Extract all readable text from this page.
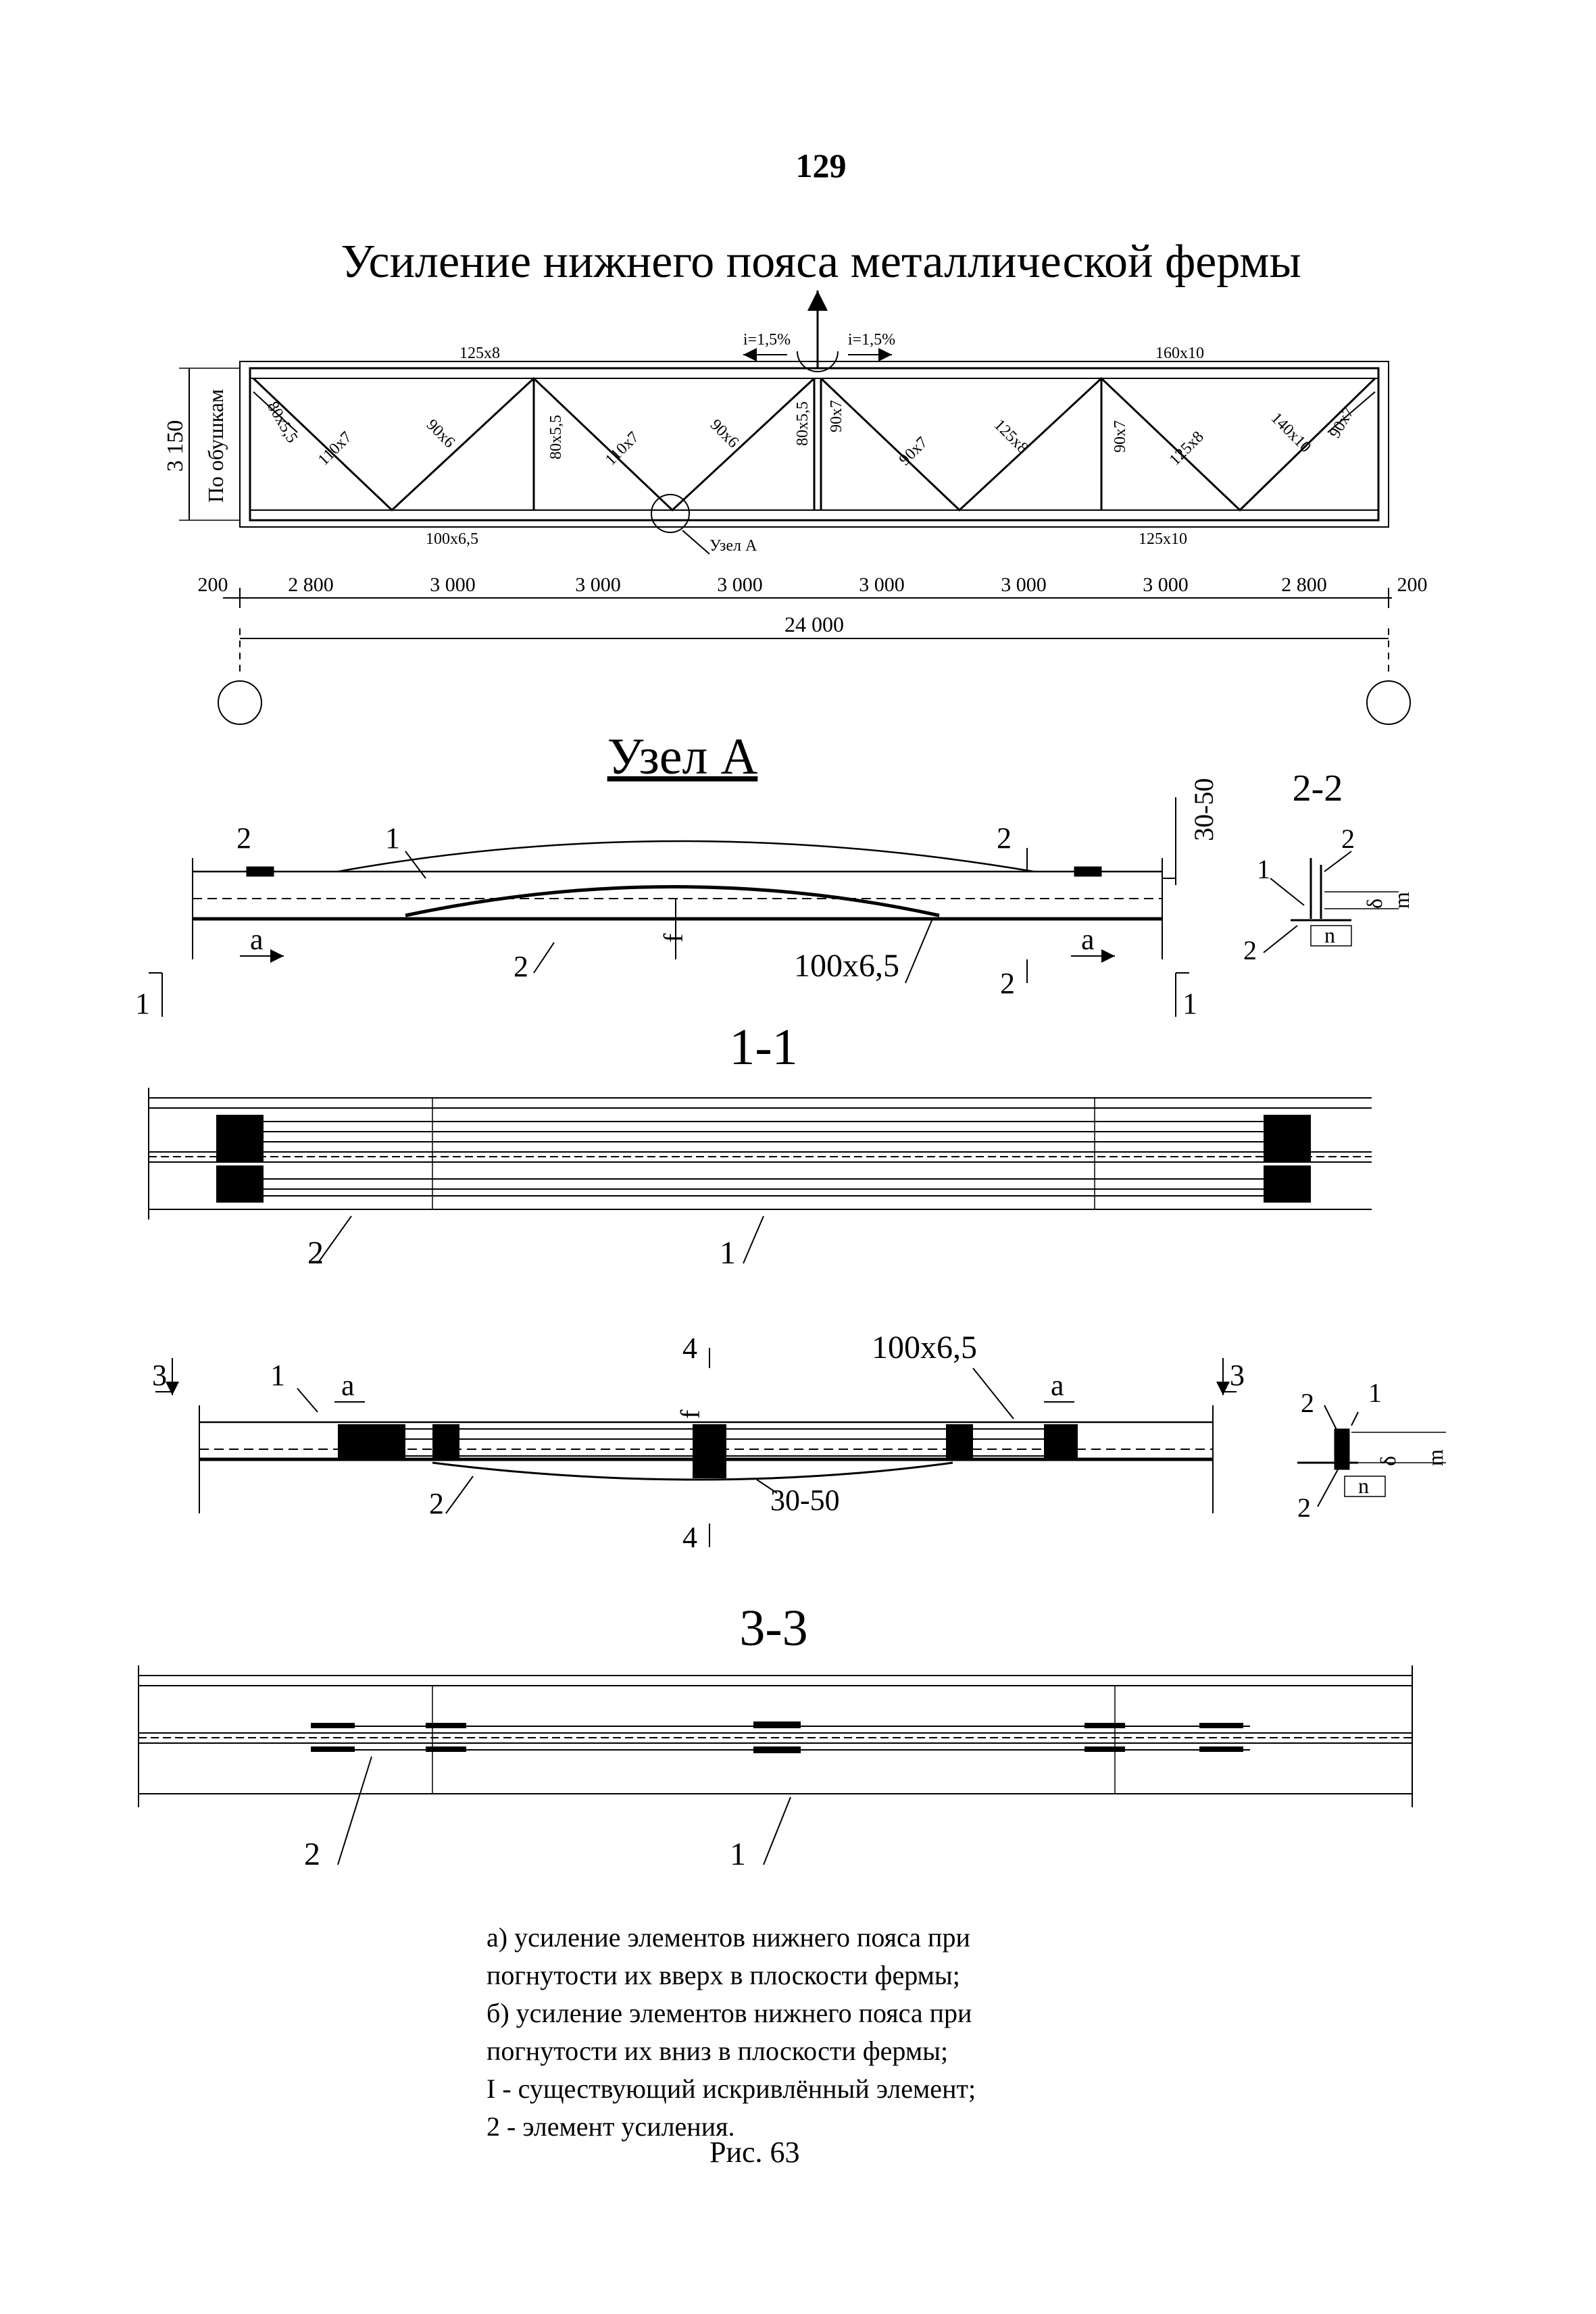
129
Усиление нижнего пояса металлической фермы
3 150 По обушкам
i=1,5%	i=1,5%
125x8	160x10
100x6,5	125x10
Узел А
80x5,5
110x7	90x6	80x5,5 110x7	90x6	80x5,5 90x7
90x7	125x8	90x7 125x8	140x10 90x7
200	2 800	3 000	3 000	3 000	3 000	3 000	3 000	2 800	200
24 000
Узел А
2	1	2	30-50
a	a
f
2	100x6,5	2
1	1
2-2
2
1
2
δ m
n
1-1
2	1
3	1 a
4
f
100x6,5
a	3
2	30-50
4
1
2
2
δ m
n
3-3
2	1
а) усиление элементов нижнего пояса при
погнутости их вверх в плоскости фермы;
б) усиление элементов нижнего пояса при
погнутости их вниз в плоскости фермы;
I - существующий искривлённый элемент;
2 - элемент усиления.
Рис. 63
